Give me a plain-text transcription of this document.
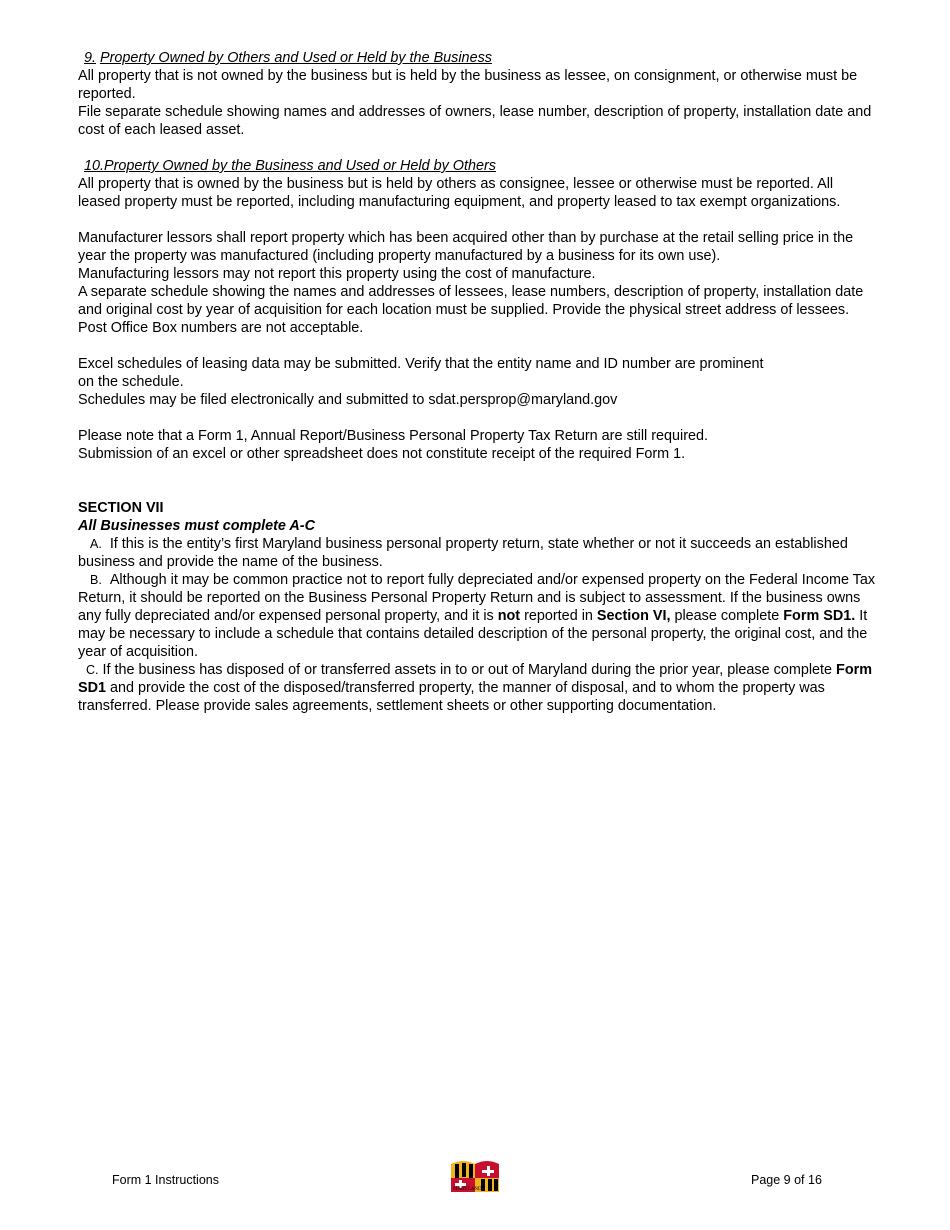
9. Property Owned by Others and Used or Held by the Business

All property that is not owned by the business but is held by the business as lessee, on consignment, or otherwise must be reported.

File separate schedule showing names and addresses of owners, lease number, description of property, installation date and cost of each leased asset.

10.Property Owned by the Business and Used or Held by Others

All property that is owned by the business but is held by others as consignee, lessee or otherwise must be reported. All leased property must be reported, including manufacturing equipment, and property leased to tax exempt organizations.

Manufacturer lessors shall report property which has been acquired other than by purchase at the retail selling price in the year the property was manufactured (including property manufactured by a business for its own use).

Manufacturing lessors may not report this property using the cost of manufacture.

A separate schedule showing the names and addresses of lessees, lease numbers, description of property, installation date and original cost by year of acquisition for each location must be supplied. Provide the physical street address of lessees. Post Office Box numbers are not acceptable.

Excel schedules of leasing data may be submitted. Verify that the entity name and ID number are prominent

on the schedule.

Schedules may be filed electronically and submitted to sdat.persprop@maryland.gov

Please note that a Form 1, Annual Report/Business Personal Property Tax Return are still required.

Submission of an excel or other spreadsheet does not constitute receipt of the required Form 1.

SECTION VII

All Businesses must complete A-C

A. If this is the entity’s first Maryland business personal property return, state whether or not it succeeds an established business and provide the name of the business.

B. Although it may be common practice not to report fully depreciated and/or expensed property on the Federal Income Tax Return, it should be reported on the Business Personal Property Return and is subject to assessment. If the business owns any fully depreciated and/or expensed personal property, and it is not reported in Section VI, please complete Form SD1. It may be necessary to include a schedule that contains detailed description of the personal property, the original cost, and the year of acquisition.

C. If the business has disposed of or transferred assets in to or out of Maryland during the prior year, please complete Form SD1 and provide the cost of the disposed/transferred property, the manner of disposal, and to whom the property was transferred. Please provide sales agreements, settlement sheets or other supporting documentation.

Form 1 Instructions
MARYLAND
Page 9 of 16
